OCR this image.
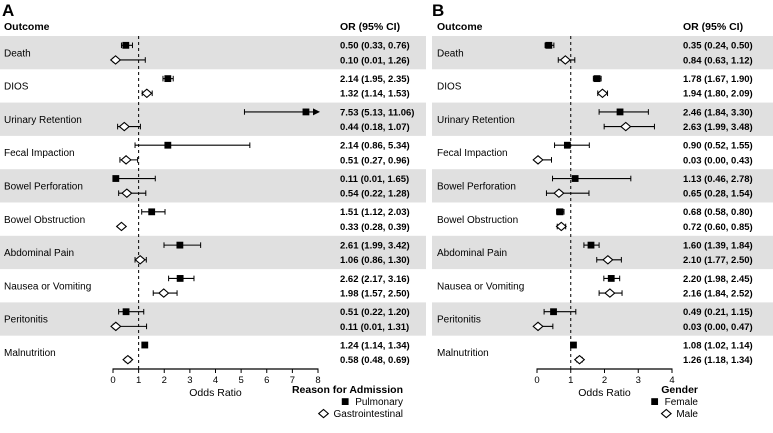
A
Outcome	OR (95% CI)
Death
0.50 (0.33, 0.76)
0.10 (0.01, 1.26)
DIOS
2.14 (1.95, 2.35)
1.32 (1.14, 1.53)
Urinary Retention
7.53 (5.13, 11.06)
0.44 (0.18, 1.07)
Fecal Impaction
2.14 (0.86, 5.34)
0.51 (0.27, 0.96)
Bowel Perforation
0.11 (0.01, 1.65)
0.54 (0.22, 1.28)
Bowel Obstruction
1.51 (1.12, 2.03)
0.33 (0.28, 0.39)
Abdominal Pain
2.61 (1.99, 3.42)
1.06 (0.86, 1.30)
Nausea or Vomiting
2.62 (2.17, 3.16)
1.98 (1.57, 2.50)
Peritonitis
0.51 (0.22, 1.20)
0.11 (0.01, 1.31)
Malnutrition
1.24 (1.14, 1.34)
0.58 (0.48, 0.69)
0 1 2 3 4 5 6 7 8
Odds Ratio	Reason for Admission
Pulmonary
Gastrointestinal
B
Outcome	OR (95% CI)
Death
0.35 (0.24, 0.50)
0.84 (0.63, 1.12)
DIOS
1.78 (1.67, 1.90)
1.94 (1.80, 2.09)
Urinary Retention
2.46 (1.84, 3.30)
2.63 (1.99, 3.48)
Fecal Impaction
0.90 (0.52, 1.55)
0.03 (0.00, 0.43)
Bowel Perforation
1.13 (0.46, 2.78)
0.65 (0.28, 1.54)
Bowel Obstruction
0.68 (0.58, 0.80)
0.72 (0.60, 0.85)
Abdominal Pain
1.60 (1.39, 1.84)
2.10 (1.77, 2.50)
Nausea or Vomiting
2.20 (1.98, 2.45)
2.16 (1.84, 2.52)
Peritonitis
0.49 (0.21, 1.15)
0.03 (0.00, 0.47)
Malnutrition
1.08 (1.02, 1.14)
1.26 (1.18, 1.34)
0	1	2	3	4
Odds Ratio	Gender
Female
Male
